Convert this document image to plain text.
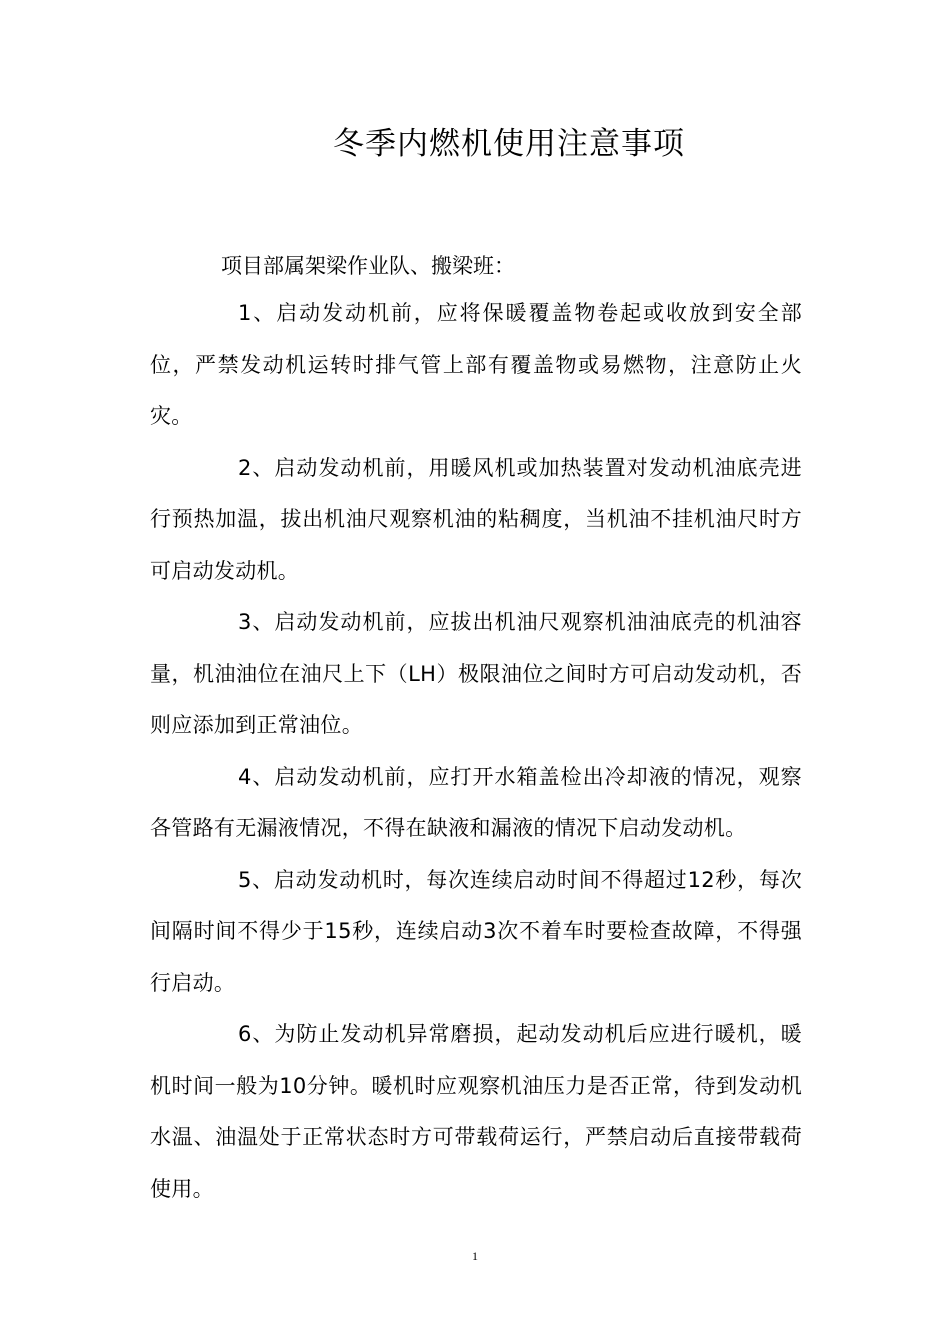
冬季内燃机使用注意事项

项目部属架梁作业队、搬梁班：

1、启动发动机前，应将保暖覆盖物卷起或收放到安全部位，严禁发动机运转时排气管上部有覆盖物或易燃物，注意防止火灾。

2、启动发动机前，用暖风机或加热装置对发动机油底壳进行预热加温，拔出机油尺观察机油的粘稠度，当机油不挂机油尺时方可启动发动机。

3、启动发动机前，应拔出机油尺观察机油油底壳的机油容量，机油油位在油尺上下（LH）极限油位之间时方可启动发动机，否则应添加到正常油位。

4、启动发动机前，应打开水箱盖检出冷却液的情况，观察各管路有无漏液情况，不得在缺液和漏液的情况下启动发动机。

5、启动发动机时，每次连续启动时间不得超过12秒，每次间隔时间不得少于15秒，连续启动3次不着车时要检查故障，不得强行启动。

6、为防止发动机异常磨损，起动发动机后应进行暖机，暖机时间一般为10分钟。暖机时应观察机油压力是否正常，待到发动机水温、油温处于正常状态时方可带载荷运行，严禁启动后直接带载荷使用。

1
